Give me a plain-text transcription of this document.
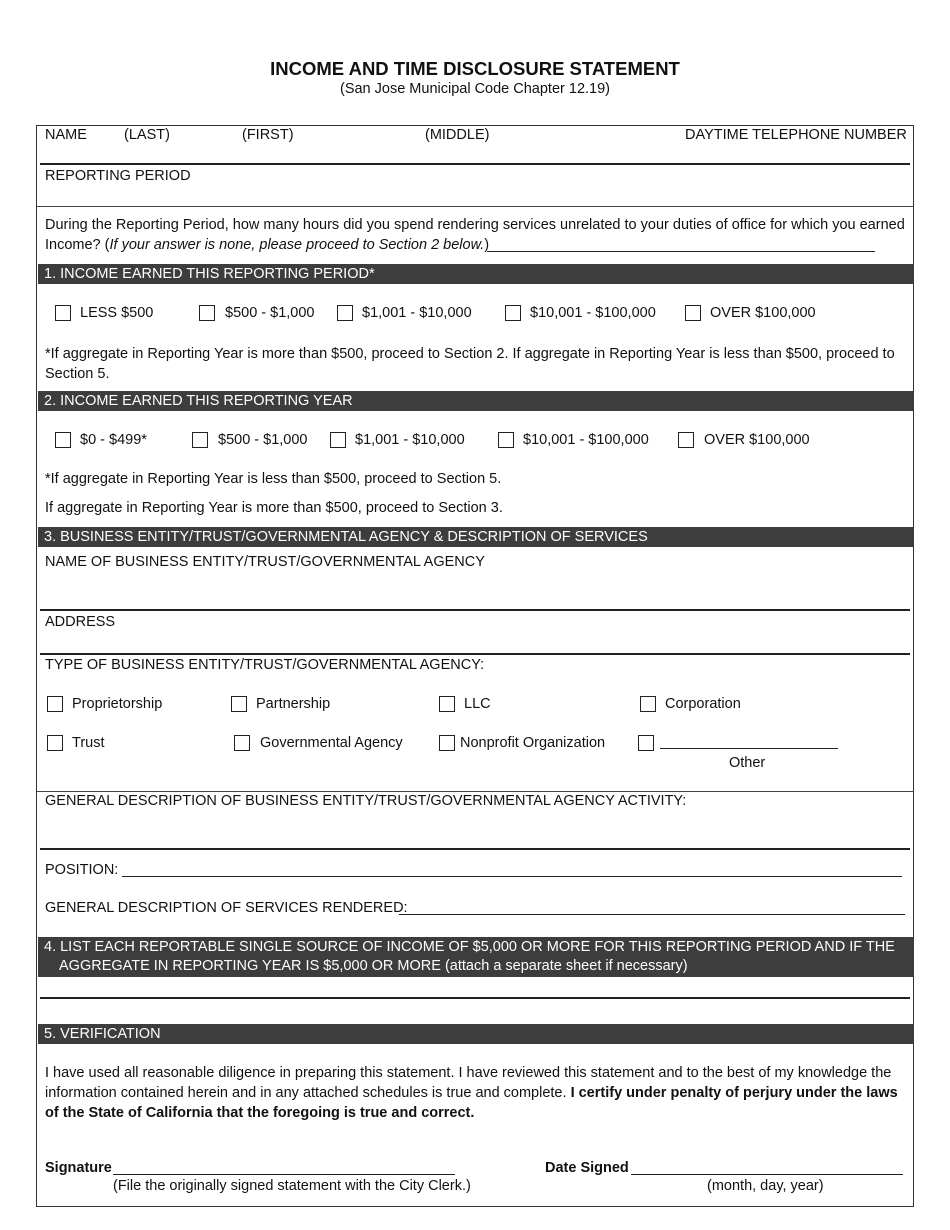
INCOME AND TIME DISCLOSURE STATEMENT
(San Jose Municipal Code Chapter 12.19)
NAME	(LAST)	(FIRST)	(MIDDLE)	DAYTIME TELEPHONE NUMBER
REPORTING PERIOD
During the Reporting Period, how many hours did you spend rendering services unrelated to your duties of office for which you earned
Income? (If your answer is none, please proceed to Section 2 below.)
1. INCOME EARNED THIS REPORTING PERIOD*
LESS $500	$500 - $1,000	$1,001 - $10,000	$10,001 - $100,000	OVER $100,000
*If aggregate in Reporting Year is more than $500, proceed to Section 2. If aggregate in Reporting Year is less than $500, proceed to Section 5.
2. INCOME EARNED THIS REPORTING YEAR
$0 - $499*	$500 - $1,000	$1,001 - $10,000	$10,001 - $100,000	OVER $100,000
*If aggregate in Reporting Year is less than $500, proceed to Section 5.
If aggregate in Reporting Year is more than $500, proceed to Section 3.
3. BUSINESS ENTITY/TRUST/GOVERNMENTAL AGENCY & DESCRIPTION OF SERVICES
NAME OF BUSINESS ENTITY/TRUST/GOVERNMENTAL AGENCY
ADDRESS
TYPE OF BUSINESS ENTITY/TRUST/GOVERNMENTAL AGENCY:
Proprietorship	Partnership	LLC	Corporation
Trust	Governmental Agency	Nonprofit Organization
Other
GENERAL DESCRIPTION OF BUSINESS ENTITY/TRUST/GOVERNMENTAL AGENCY ACTIVITY:
POSITION:
GENERAL DESCRIPTION OF SERVICES RENDERED:
4. LIST EACH REPORTABLE SINGLE SOURCE OF INCOME OF $5,000 OR MORE FOR THIS REPORTING PERIOD AND IF THE
AGGREGATE IN REPORTING YEAR IS $5,000 OR MORE (attach a separate sheet if necessary)
5. VERIFICATION
I have used all reasonable diligence in preparing this statement. I have reviewed this statement and to the best of my knowledge the information contained herein and in any attached schedules is true and complete. I certify under penalty of perjury under the laws of the State of California that the foregoing is true and correct.
Signature
(File the originally signed statement with the City Clerk.)
Date Signed
(month, day, year)
